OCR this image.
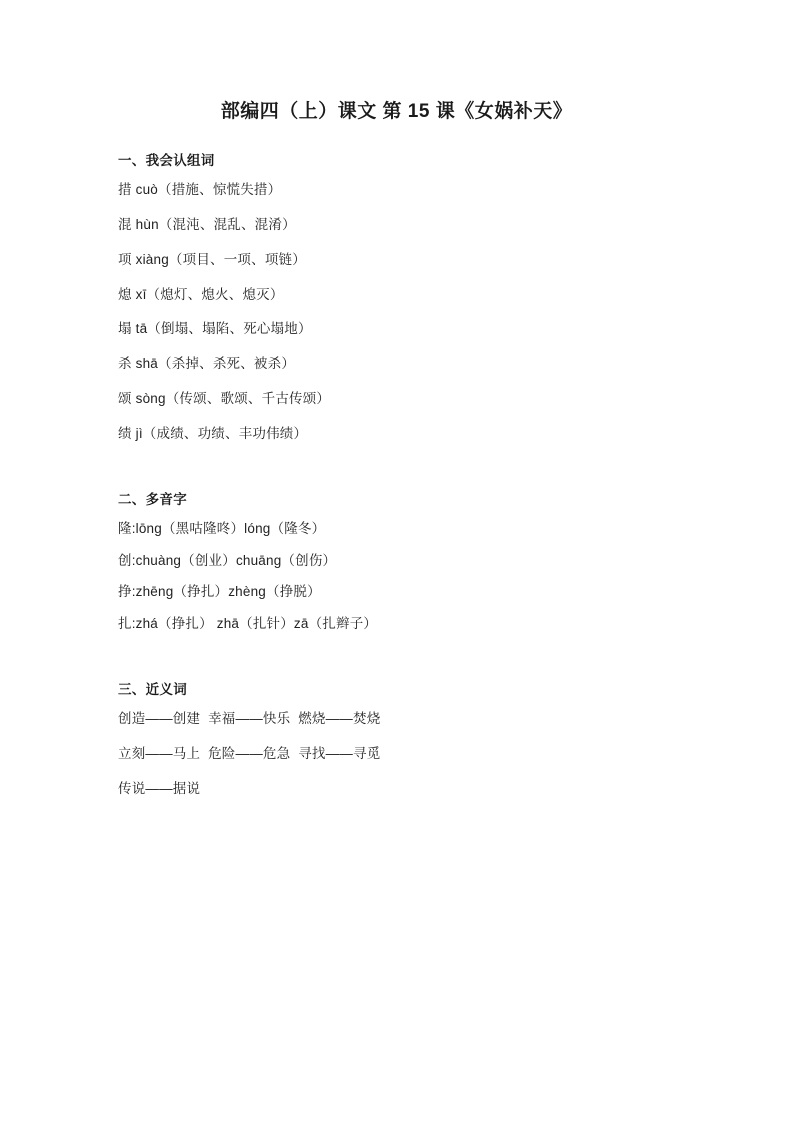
部编四（上）课文 第 15 课《女娲补天》
一、我会认组词

措 cuò（措施、惊慌失措）

混 hùn（混沌、混乱、混淆）

项 xiàng（项目、一项、项链）

熄 xī（熄灯、熄火、熄灭）

塌 tā（倒塌、塌陷、死心塌地）

杀 shā（杀掉、杀死、被杀）

颂 sòng（传颂、歌颂、千古传颂）

绩 jì（成绩、功绩、丰功伟绩）

二、多音字

隆:lōng（黑咕隆咚）lóng（隆冬）

创:chuàng（创业）chuāng（创伤）

挣:zhēng（挣扎）zhèng（挣脱）

扎:zhá（挣扎） zhā（扎针）zā（扎辫子）

三、近义词

创造——创建  幸福——快乐  燃烧——焚烧

立刻——马上  危险——危急  寻找——寻觅

传说——据说
